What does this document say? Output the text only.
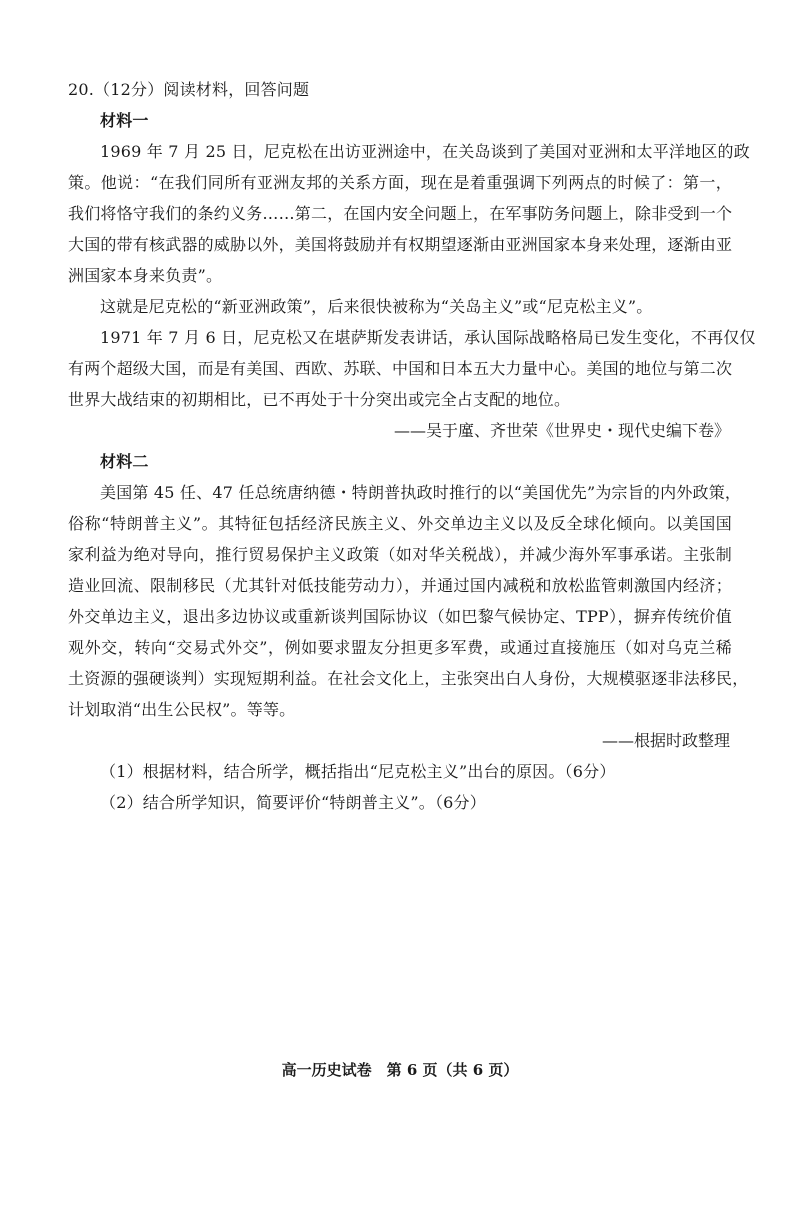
20.（12分）阅读材料，回答问题
材料一
1969 年 7 月 25 日，尼克松在出访亚洲途中，在关岛谈到了美国对亚洲和太平洋地区的政
策。他说：“在我们同所有亚洲友邦的关系方面，现在是着重强调下列两点的时候了：第一，
我们将恪守我们的条约义务……第二，在国内安全问题上，在军事防务问题上，除非受到一个
大国的带有核武器的威胁以外，美国将鼓励并有权期望逐渐由亚洲国家本身来处理，逐渐由亚
洲国家本身来负责”。
这就是尼克松的“新亚洲政策”，后来很快被称为“关岛主义”或“尼克松主义”。
1971 年 7 月 6 日，尼克松又在堪萨斯发表讲话，承认国际战略格局已发生变化，不再仅仅
有两个超级大国，而是有美国、西欧、苏联、中国和日本五大力量中心。美国的地位与第二次
世界大战结束的初期相比，已不再处于十分突出或完全占支配的地位。
——吴于廑、齐世荣《世界史・现代史编下卷》
材料二
美国第 45 任、47 任总统唐纳德・特朗普执政时推行的以“美国优先”为宗旨的内外政策，
俗称“特朗普主义”。其特征包括经济民族主义、外交单边主义以及反全球化倾向。以美国国
家利益为绝对导向，推行贸易保护主义政策（如对华关税战），并减少海外军事承诺。主张制
造业回流、限制移民（尤其针对低技能劳动力），并通过国内减税和放松监管刺激国内经济；
外交单边主义，退出多边协议或重新谈判国际协议（如巴黎气候协定、TPP），摒弃传统价值
观外交，转向“交易式外交”，例如要求盟友分担更多军费，或通过直接施压（如对乌克兰稀
土资源的强硬谈判）实现短期利益。在社会文化上，主张突出白人身份，大规模驱逐非法移民，
计划取消“出生公民权”。等等。
——根据时政整理
（1）根据材料，结合所学，概括指出“尼克松主义”出台的原因。（6分）
（2）结合所学知识，简要评价“特朗普主义”。（6分）
高一历史试卷　第 6 页（共 6 页）
